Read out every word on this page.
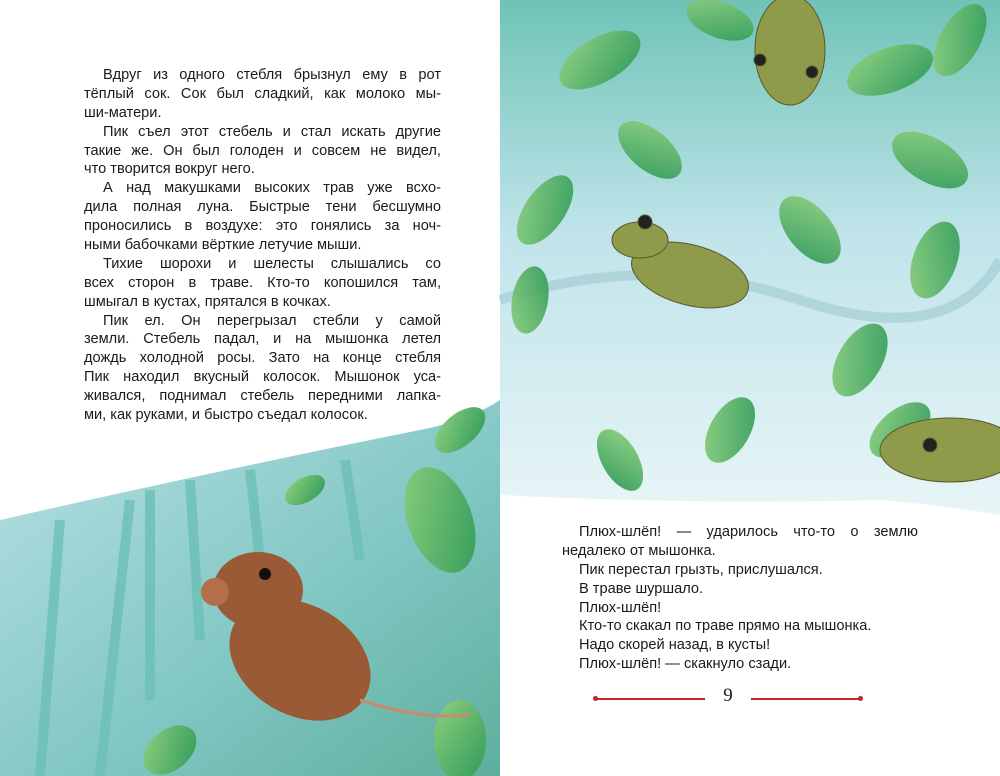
Вдруг из одного стебля брызнул ему в рот
тёплый сок. Сок был сладкий, как молоко мы-
ши-матери.
Пик съел этот стебель и стал искать другие
такие же. Он был голоден и совсем не видел,
что творится вокруг него.
А над макушками высоких трав уже всхо-
дила полная луна. Быстрые тени бесшумно
проносились в воздухе: это гонялись за ноч-
ными бабочками вёрткие летучие мыши.
Тихие шорохи и шелесты слышались со
всех сторон в траве. Кто-то копошился там,
шмыгал в кустах, прятался в кочках.
Пик ел. Он перегрызал стебли у самой
земли. Стебель падал, и на мышонка летел
дождь холодной росы. Зато на конце стебля
Пик находил вкусный колосок. Мышонок уса-
живался, поднимал стебель передними лапка-
ми, как руками, и быстро съедал колосок.
Плюх-шлёп! — ударилось что-то о землю
недалеко от мышонка.
Пик перестал грызть, прислушался.
В траве шуршало.
Плюх-шлёп!
Кто-то скакал по траве прямо на мышонка.
Надо скорей назад, в кусты!
Плюх-шлёп! — скакнуло сзади.
9
